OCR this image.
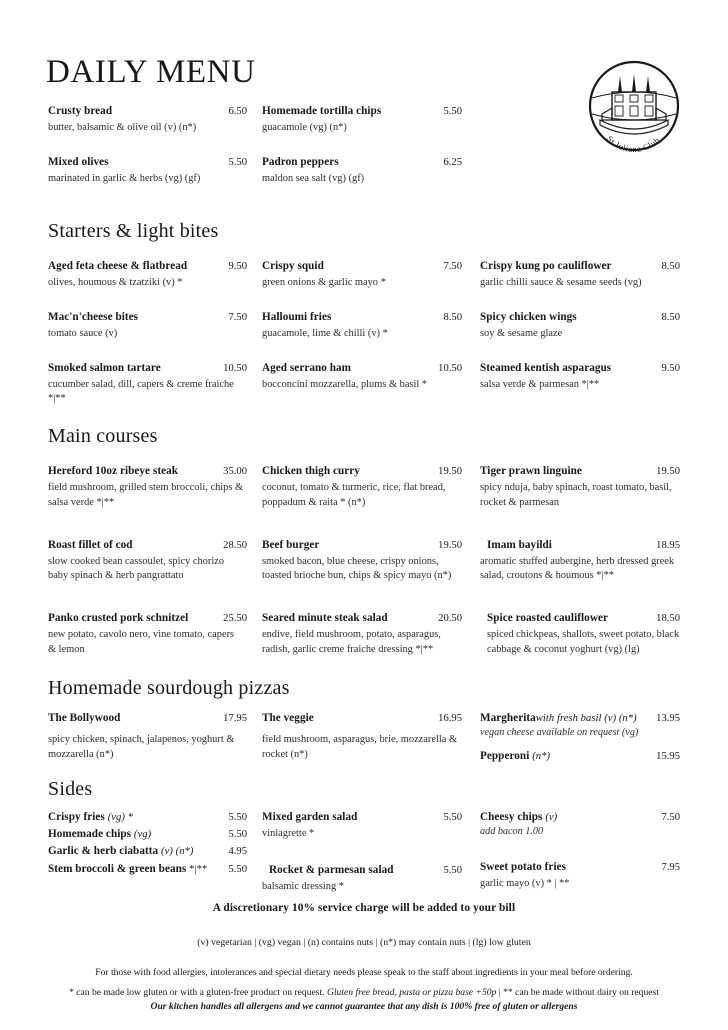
DAILY MENU
St Juliana Club
Crusty bread	6.50
butter, balsamic & olive oil (v) (n*)
Mixed olives	5.50
marinated in garlic & herbs (vg) (gf)
Homemade tortilla chips	5.50
guacamole (vg) (n*)
Padron peppers	6.25
maldon sea salt (vg) (gf)
Starters & light bites
Aged feta cheese & flatbread	9.50
olives, houmous & tzatziki (v) *
Mac'n'cheese bites	7.50
tomato sauce (v)
Smoked salmon tartare	10.50
cucumber salad, dill, capers & creme fraiche *|**
Crispy squid	7.50
green onions & garlic mayo *
Halloumi fries	8.50
guacamole, lime & chilli (v) *
Aged serrano ham	10.50
bocconcini mozzarella, plums & basil *
Crispy kung po cauliflower	8.50
garlic chilli sauce & sesame seeds (vg)
Spicy chicken wings	8.50
soy & sesame glaze
Steamed kentish asparagus	9.50
salsa verde & parmesan *|**
Main courses
Hereford 10oz ribeye steak	35.00
field mushroom, grilled stem broccoli, chips & salsa verde *|**
Roast fillet of cod	28.50
slow cooked bean cassoulet, spicy chorizo baby spinach & herb pangrattato
Panko crusted pork schnitzel	25.50
new potato, cavolo nero, vine tomato, capers & lemon
Chicken thigh curry	19.50
coconut, tomato & turmeric, rice, flat bread, poppadum & raita * (n*)
Beef burger	19.50
smoked bacon, blue cheese, crispy onions, toasted brioche bun, chips & spicy mayo (n*)
Seared minute steak salad	20.50
endive, field mushroom, potato, asparagus, radish, garlic creme fraiche dressing *|**
Tiger prawn linguine	19.50
spicy nduja, baby spinach, roast tomato, basil, rocket & parmesan
Imam bayildi	18.95
aromatic stuffed aubergine, herb dressed greek salad, croutons & houmous *|**
Spice roasted cauliflower	18.50
spiced chickpeas, shallots, sweet potato, black cabbage & coconut yoghurt (vg) (lg)
Homemade sourdough pizzas
The Bollywood	17.95
spicy chicken, spinach, jalapenos, yoghurt & mozzarella (n*)
The veggie	16.95
field mushroom, asparagus, brie, mozzarella & rocket (n*)
Margheritawith fresh basil (v) (n*)	13.95
vegan cheese available on request (vg)
Pepperoni (n*)	15.95
Sides
Crispy fries (vg) *	5.50
Homemade chips (vg)	5.50
Garlic & herb ciabatta (v) (n*)	4.95
Stem broccoli & green beans *|**	5.50
Mixed garden salad	5.50
viniagrette *
Rocket & parmesan salad	5.50
balsamic dressing *
Cheesy chips (v)	7.50
add bacon 1.00
Sweet potato fries	7.95
garlic mayo (v) * | **
A discretionary 10% service charge will be added to your bill
(v) vegetarian | (vg) vegan | (n) contains nuts | (n*) may contain nuts | (lg) low gluten
For those with food allergies, intolerances and special dietary needs please speak to the staff about ingredients in your meal before ordering.
* can be made low gluten or with a gluten-free product on request. Gluten free bread, pasta or pizza base +50p | ** can be made without dairy on request
Our kitchen handles all allergens and we cannot guarantee that any dish is 100% free of gluten or allergens
